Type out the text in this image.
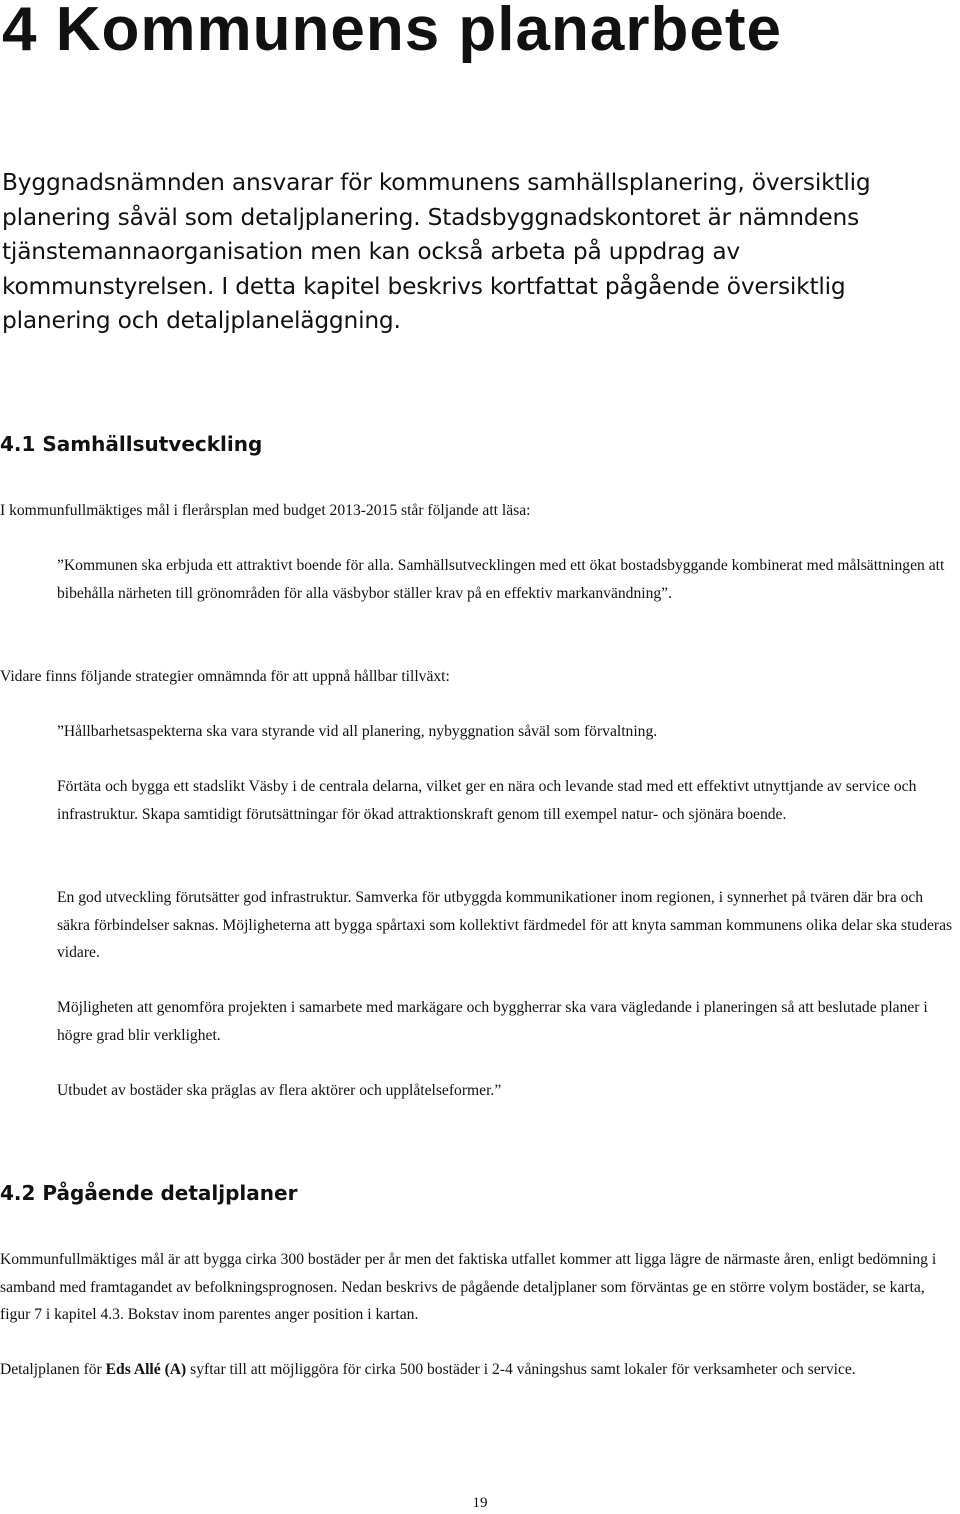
4 Kommunens planarbete

Byggnadsnämnden ansvarar för kommunens samhällsplanering, översiktlig planering såväl som detaljplanering. Stadsbyggnadskontoret är nämndens tjänstemannaorganisation men kan också arbeta på uppdrag av kommunstyrelsen. I detta kapitel beskrivs kortfattat pågående översiktlig planering och detaljplaneläggning.

4.1 Samhällsutveckling

I kommunfullmäktiges mål i flerårsplan med budget 2013-2015 står följande att läsa:

”Kommunen ska erbjuda ett attraktivt boende för alla. Samhällsutvecklingen med ett ökat bostadsbyggande kombinerat med målsättningen att bibehålla närheten till grönområden för alla väsbybor ställer krav på en effektiv markanvändning”.

Vidare finns följande strategier omnämnda för att uppnå hållbar tillväxt:

”Hållbarhetsaspekterna ska vara styrande vid all planering, nybyggnation såväl som förvaltning.

Förtäta och bygga ett stadslikt Väsby i de centrala delarna, vilket ger en nära och levande stad med ett effektivt utnyttjande av service och infrastruktur. Skapa samtidigt förutsättningar för ökad attraktionskraft genom till exempel natur- och sjönära boende.

En god utveckling förutsätter god infrastruktur. Samverka för utbyggda kommunikationer inom regionen, i synnerhet på tvären där bra och säkra förbindelser saknas. Möjligheterna att bygga spårtaxi som kollektivt färdmedel för att knyta samman kommunens olika delar ska studeras vidare.

Möjligheten att genomföra projekten i samarbete med markägare och byggherrar ska vara vägledande i planeringen så att beslutade planer i högre grad blir verklighet.

Utbudet av bostäder ska präglas av flera aktörer och upplåtelseformer.”

4.2 Pågående detaljplaner

Kommunfullmäktiges mål är att bygga cirka 300 bostäder per år men det faktiska utfallet kommer att ligga lägre de närmaste åren, enligt bedömning i samband med framtagandet av befolkningsprognosen. Nedan beskrivs de pågående detaljplaner som förväntas ge en större volym bostäder, se karta, figur 7 i kapitel 4.3. Bokstav inom parentes anger position i kartan.

Detaljplanen för Eds Allé (A) syftar till att möjliggöra för cirka 500 bostäder i 2-4 våningshus samt lokaler för verksamheter och service.

19
